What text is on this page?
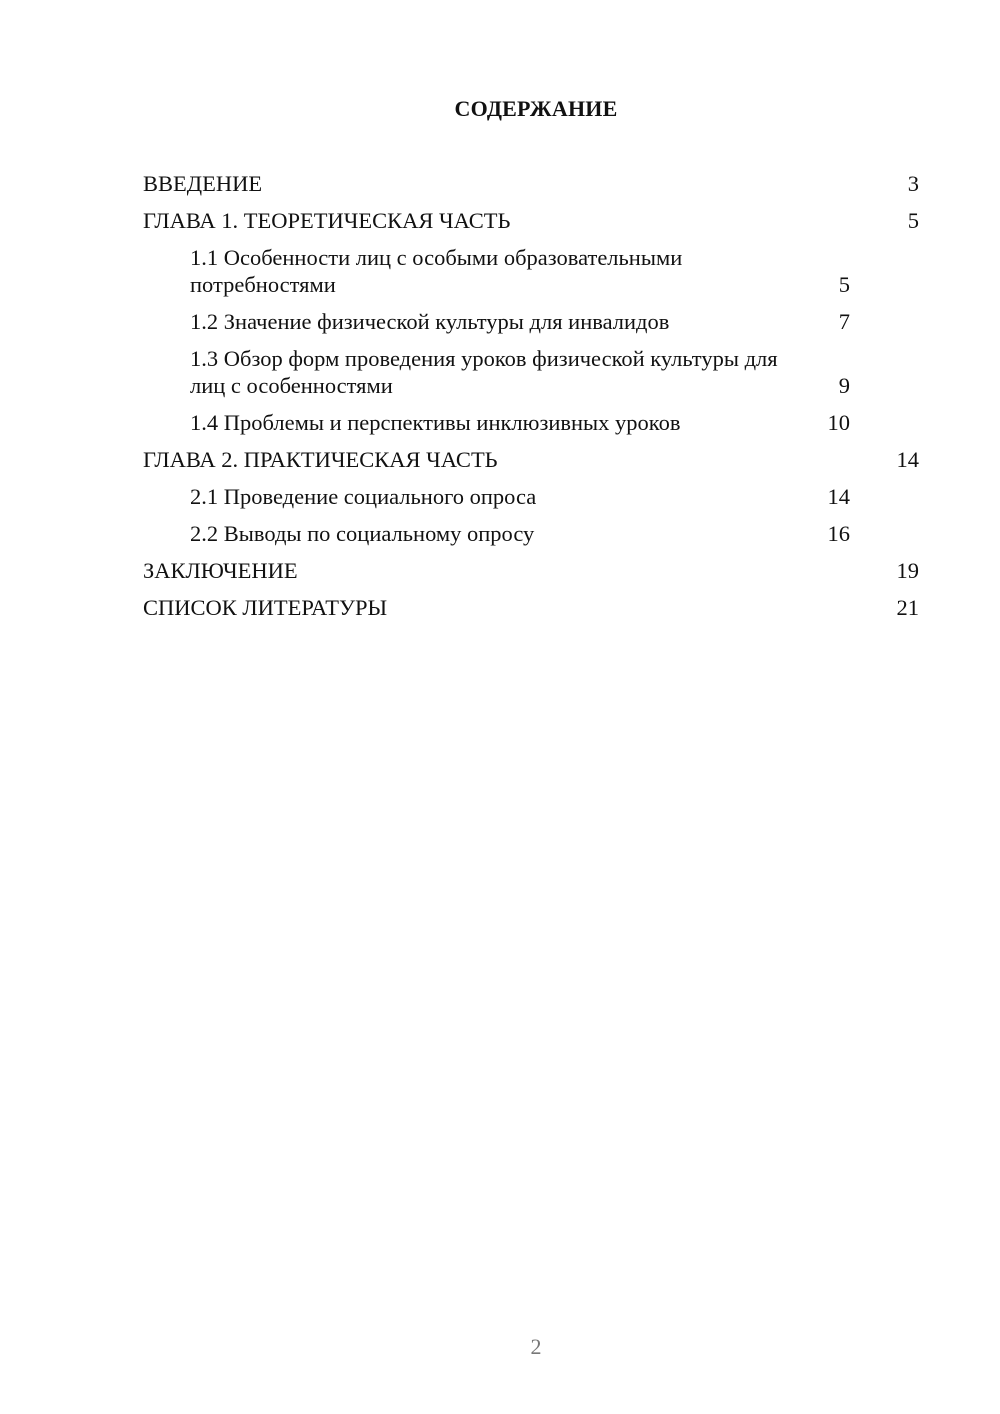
СОДЕРЖАНИЕ
ВВЕДЕНИЕ	3
ГЛАВА 1. ТЕОРЕТИЧЕСКАЯ ЧАСТЬ	5
1.1 Особенности лиц с особыми образовательными потребностями	5
1.2 Значение физической культуры для инвалидов	7
1.3 Обзор форм проведения уроков физической культуры для лиц с особенностями	9
1.4 Проблемы и перспективы инклюзивных уроков	10
ГЛАВА 2. ПРАКТИЧЕСКАЯ ЧАСТЬ	14
2.1 Проведение социального опроса	14
2.2 Выводы по социальному опросу	16
ЗАКЛЮЧЕНИЕ	19
СПИСОК ЛИТЕРАТУРЫ	21
2
